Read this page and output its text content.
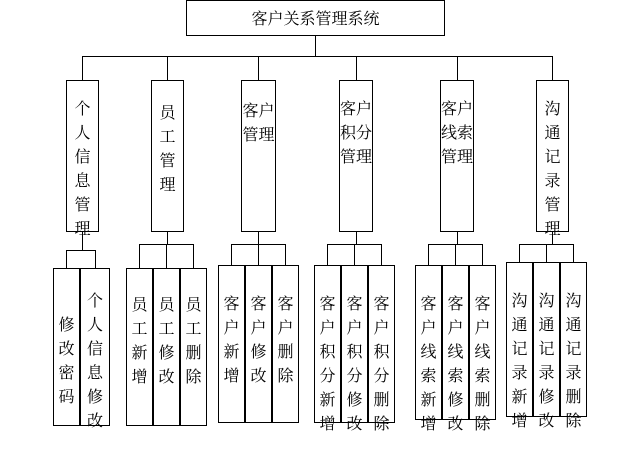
客户关系管理系统
个人信息管理
员工管理
客户管理
客户积分管理
客户线索管理
沟通记录管理
修改密码
个人信息修改
员工新增
员工修改
员工删除
客户新增
客户修改
客户删除
客户积分新增
客户积分修改
客户积分删除
客户线索新增
客户线索修改
客户线索删除
沟通记录新增
沟通记录修改
沟通记录删除
